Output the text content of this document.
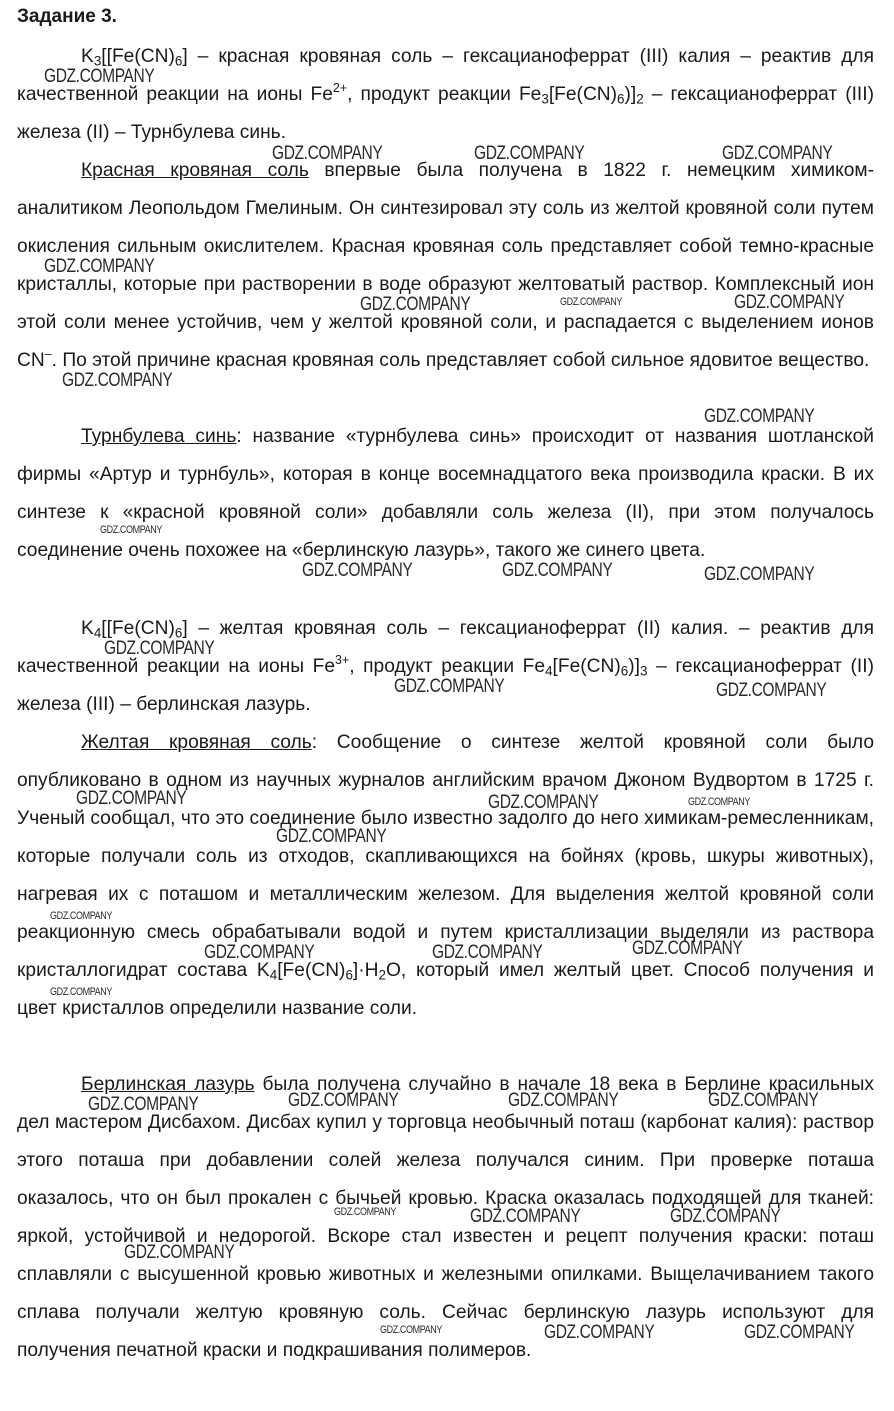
Задание 3.

$K_3[[Fe(CN)_6]$ – красная кровяная соль – гексацианоферрат (III) калия – реактив для качественной реакции на ионы $Fe^{2+}$, продукт реакции $Fe_3[Fe(CN)_6)]_2$ – гексацианоферрат (III) железа (II) – Турнбулева синь.

Красная кровяная соль впервые была получена в 1822 г. немецким химиком-аналитиком Леопольдом Гмелиным. Он синтезировал эту соль из желтой кровяной соли путем окисления сильным окислителем. Красная кровяная соль представляет собой темно-красные кристаллы, которые при растворении в воде образуют желтоватый раствор. Комплексный ион этой соли менее устойчив, чем у желтой кровяной соли, и распадается с выделением ионов CN–. По этой причине красная кровяная соль представляет собой сильное ядовитое вещество.

Турнбулева синь: название «турнбулева синь» происходит от названия шотланской фирмы «Артур и турнбуль», которая в конце восемнадцатого века производила краски. В их синтезе к «красной кровяной соли» добавляли соль железа (II), при этом получалось соединение очень похожее на «берлинскую лазурь», такого же синего цвета.

$K_4[[Fe(CN)_6]$ – желтая кровяная соль – гексацианоферрат (II) калия. – реактив для качественной реакции на ионы $Fe^{3+}$, продукт реакции $Fe_4[Fe(CN)_6)]_3$ – гексацианоферрат (II) железа (III) – берлинская лазурь.

Желтая кровяная соль: Сообщение о синтезе желтой кровяной соли было опубликовано в одном из научных журналов английским врачом Джоном Вудвортом в 1725 г. Ученый сообщал, что это соединение было известно задолго до него химикам-ремесленникам, которые получали соль из отходов, скапливающихся на бойнях (кровь, шкуры животных), нагревая их с поташом и металлическим железом. Для выделения желтой кровяной соли реакционную смесь обрабатывали водой и путем кристаллизации выделяли из раствора кристаллогидрат состава $K_4[Fe(CN)_6]\cdot H_2O$, который имел желтый цвет. Способ получения и цвет кристаллов определили название соли.

Берлинская лазурь была получена случайно в начале 18 века в Берлине красильных дел мастером Дисбахом. Дисбах купил у торговца необычный поташ (карбонат калия): раствор этого поташа при добавлении солей железа получался синим. При проверке поташа оказалось, что он был прокален с бычьей кровью. Краска оказалась подходящей для тканей: яркой, устойчивой и недорогой. Вскоре стал известен и рецепт получения краски: поташ сплавляли с высушенной кровью животных и железными опилками. Выщелачиванием такого сплава получали желтую кровяную соль. Сейчас берлинскую лазурь используют для получения печатной краски и подкрашивания полимеров.

GDZ.COMPANY
GDZ.COMPANY	GDZ.COMPANY	GDZ.COMPANY
GDZ.COMPANY
GDZ.COMPANY	GDZ.COMPANY	GDZ.COMPANY
GDZ.COMPANY
GDZ.COMPANY
GDZ.COMPANY
GDZ.COMPANY	GDZ.COMPANY	GDZ.COMPANY
GDZ.COMPANY
GDZ.COMPANY	GDZ.COMPANY
GDZ.COMPANY	GDZ.COMPANY	GDZ.COMPANY
GDZ.COMPANY
GDZ.COMPANY
GDZ.COMPANY	GDZ.COMPANY	GDZ.COMPANY
GDZ.COMPANY
GDZ.COMPANY	GDZ.COMPANY	GDZ.COMPANY	GDZ.COMPANY
GDZ.COMPANY	GDZ.COMPANY	GDZ.COMPANY
GDZ.COMPANY
GDZ.COMPANY	GDZ.COMPANY	GDZ.COMPANY
